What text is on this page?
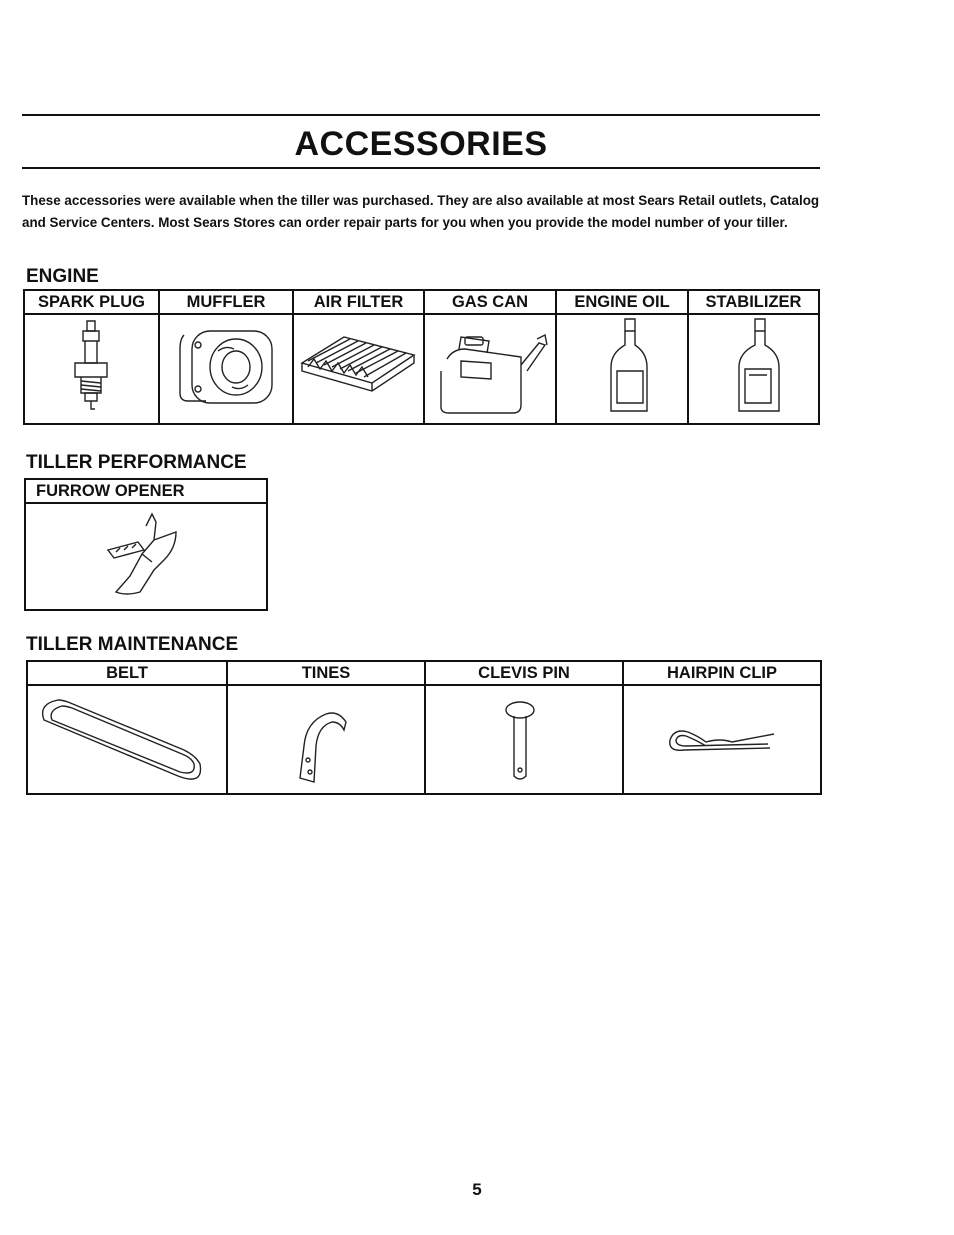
ACCESSORIES
These accessories were available when the tiller was purchased. They are also available at most Sears Retail outlets, Catalog and Service Centers. Most Sears Stores can order repair parts for you when you provide the model number of your tiller.
ENGINE
SPARK PLUG	MUFFLER	AIR FILTER	GAS CAN	ENGINE OIL	STABILIZER
TILLER PERFORMANCE
FURROW OPENER
TILLER MAINTENANCE
BELT	TINES	CLEVIS PIN	HAIRPIN CLIP
5
